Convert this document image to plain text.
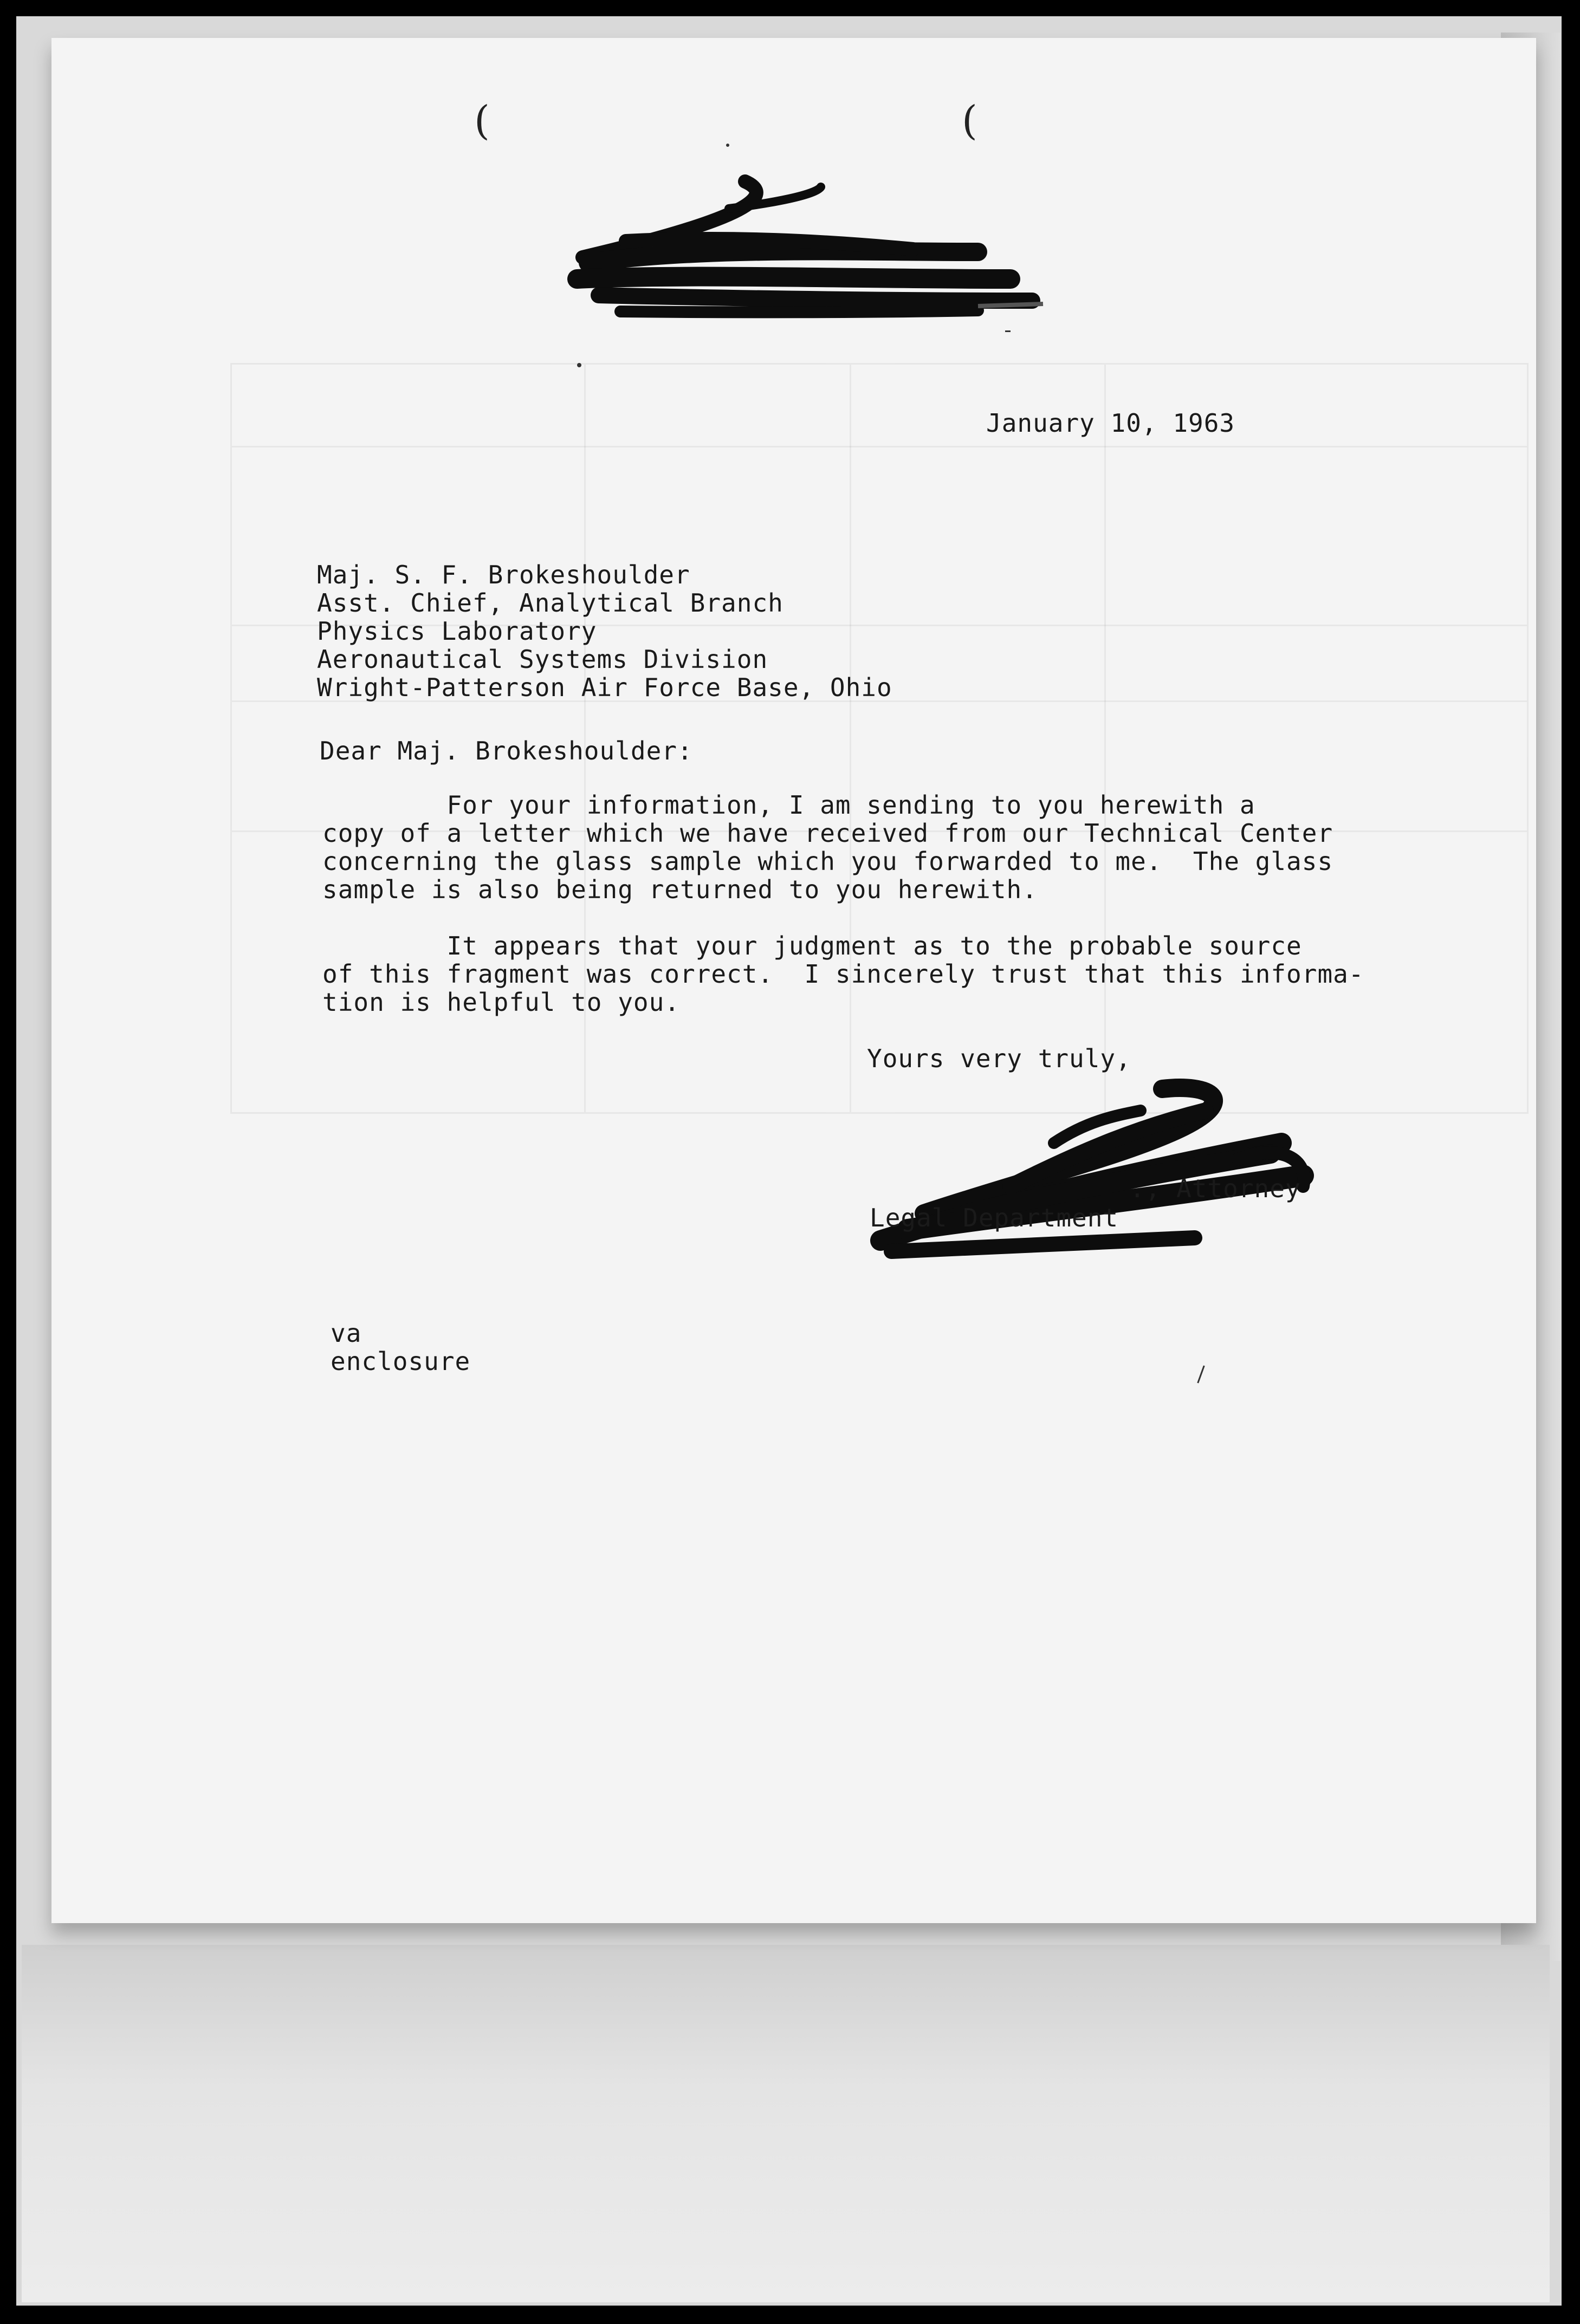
(	(
January 10, 1963
Maj. S. F. Brokeshoulder
Asst. Chief, Analytical Branch
Physics Laboratory
Aeronautical Systems Division
Wright-Patterson Air Force Base, Ohio
Dear Maj. Brokeshoulder:
For your information, I am sending to you herewith a
copy of a letter which we have received from our Technical Center
concerning the glass sample which you forwarded to me.  The glass
sample is also being returned to you herewith.
It appears that your judgment as to the probable source
of this fragment was correct.  I sincerely trust that this informa-
tion is helpful to you.
Yours very truly,
., Attorney
Legal Department
va
enclosure
